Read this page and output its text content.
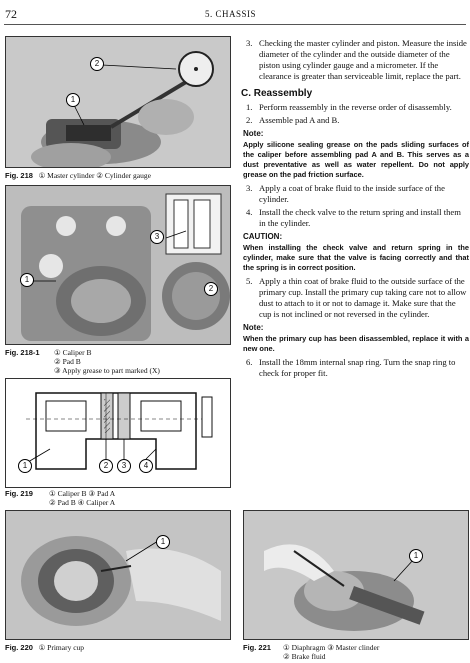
72	5. CHASSIS
1
2
Fig. 218 ① Master cylinder ② Cylinder gauge
1
2
3
Fig. 218-1 ① Caliper B
② Pad B
③ Apply grease to part marked (X)
1	2	3	4
Fig. 219 ① Caliper B ③ Pad A
② Pad B ④ Caliper A
1
Fig. 220 ① Primary cup
1
Fig. 221 ① Diaphragm ③ Master clinder
② Brake fluid
3. Checking the master cylinder and piston. Measure the inside diameter of the cylinder and the outside diameter of the piston using cylinder gauge and a micrometer. If the clearance is greater than serviceable limit, replace the part.
C. Reassembly
1. Perform reassembly in the reverse order of disassembly.
2. Assemble pad A and B.
Note:
Apply silicone sealing grease on the pads sliding surfaces of the caliper before assembling pad A and B. This serves as a dust preventative as well as water repellent. Do not apply grease on the pad friction surface.
3. Apply a coat of brake fluid to the inside surface of the cylinder.
4. Install the check valve to the return spring and install them in the cylinder.
CAUTION:
When installing the check valve and return spring in the cylinder, make sure that the valve is facing correctly and that the spring is in correct position.
5. Apply a thin coat of brake fluid to the outside surface of the primary cup. Install the primary cup taking care not to allow dust to attach to it or not to damage it. Make sure that the cup is not inclined or not reversed in the cylinder.
Note:
When the primary cup has been disassembled, replace it with a new one.
6. Install the 18mm internal snap ring. Turn the snap ring to check for proper fit.
